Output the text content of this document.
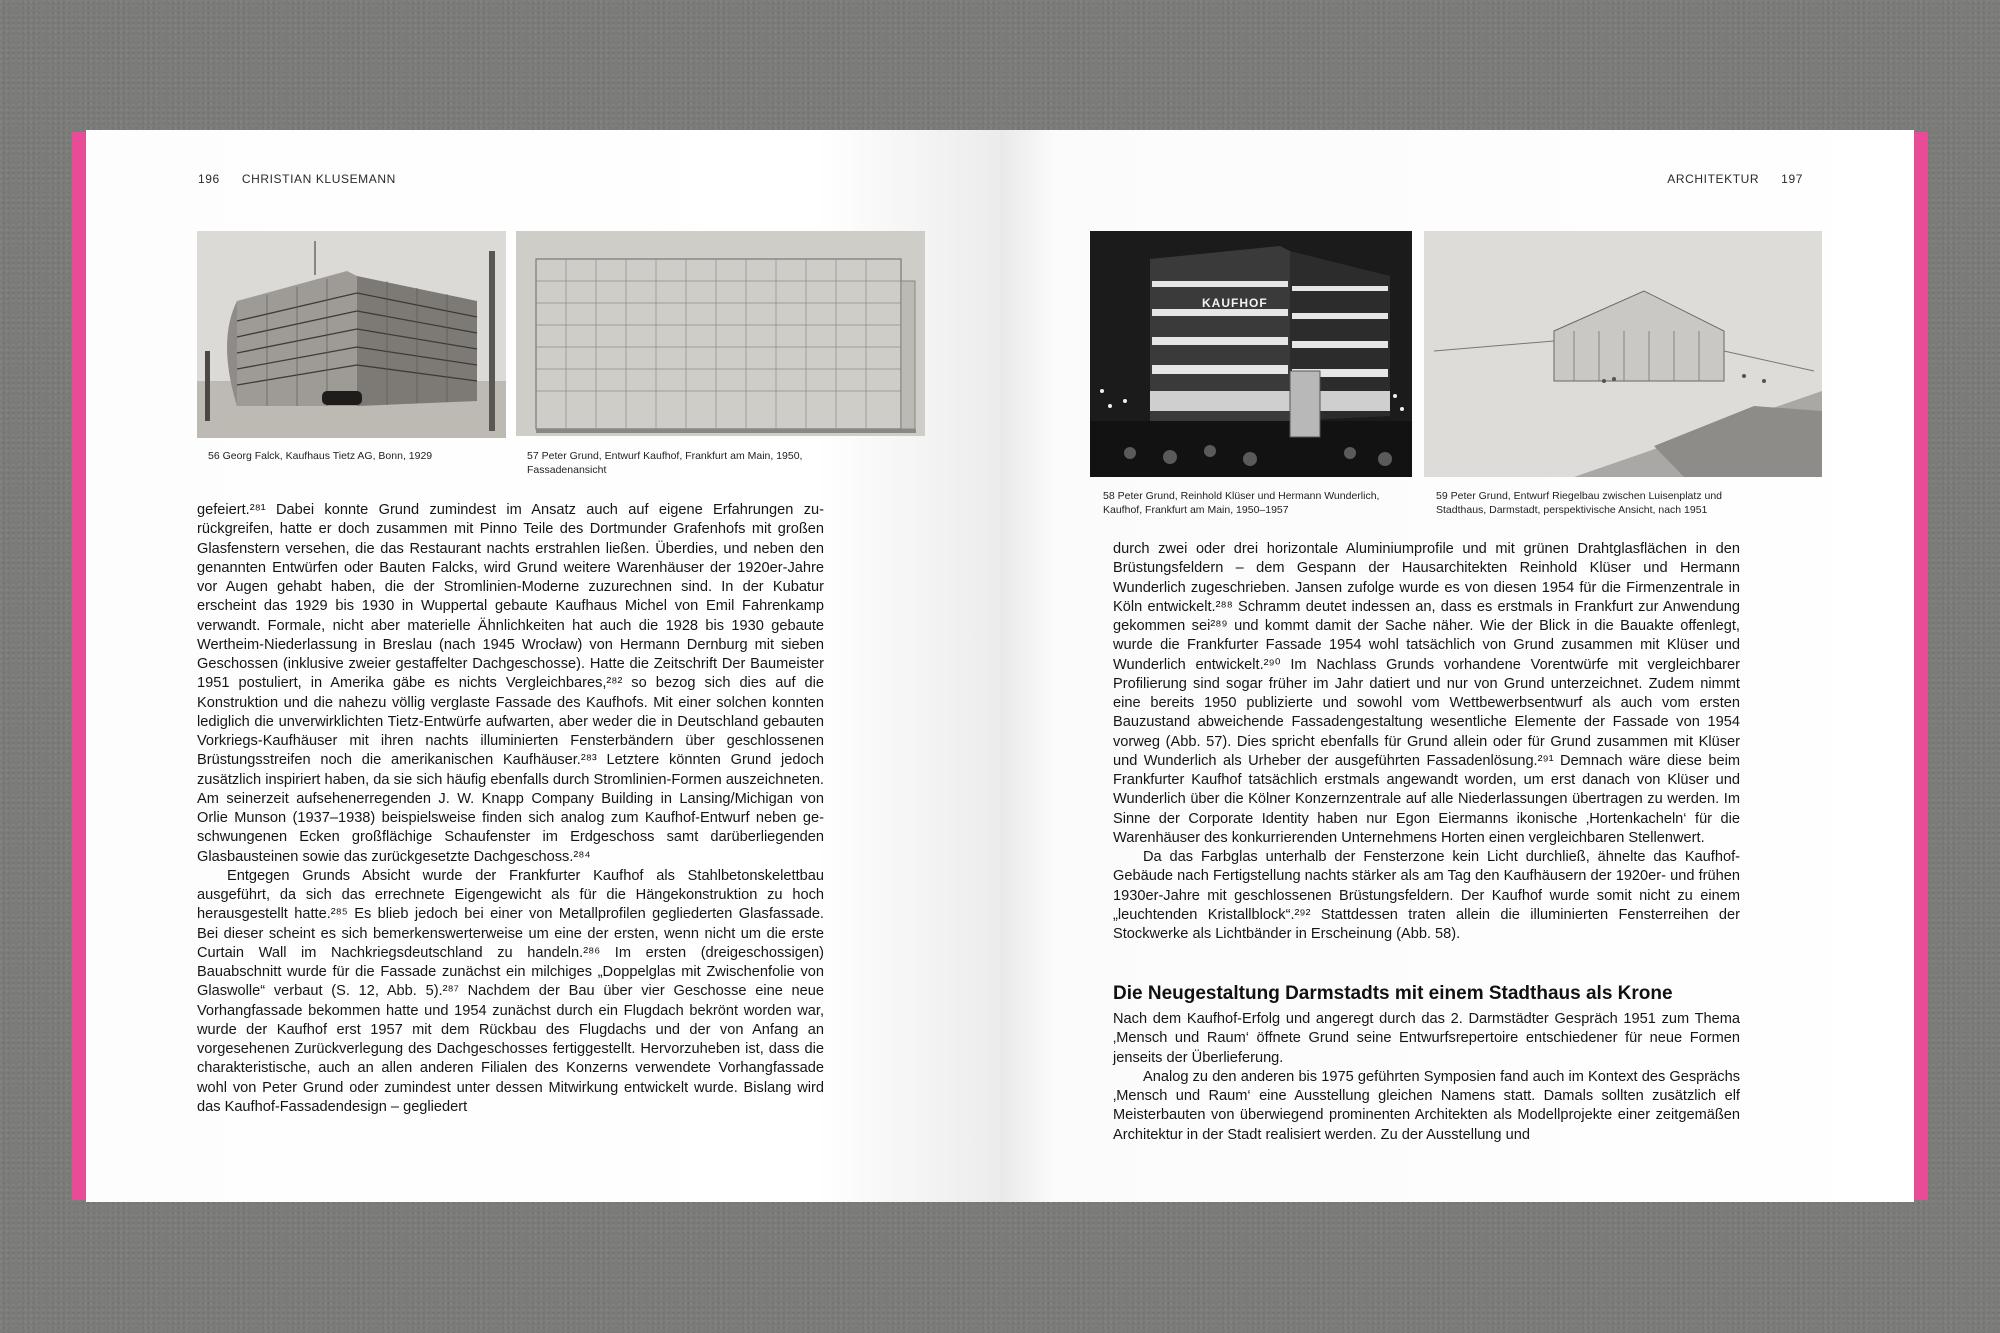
196 CHRISTIAN KLUSEMANN
56 Georg Falck, Kaufhaus Tietz AG, Bonn, 1929	57 Peter Grund, Entwurf Kaufhof, Frankfurt am Main, 1950, Fassadenansicht

gefeiert.²⁸¹ Dabei konnte Grund zumindest im Ansatz auch auf eigene Erfahrungen zurückgreifen, hatte er doch zusammen mit Pinno Teile des Dortmunder Grafenhofs mit großen Glasfenstern versehen, die das Restaurant nachts erstrahlen ließen. Überdies, und neben den genannten Entwürfen oder Bauten Falcks, wird Grund weitere Warenhäuser der 1920er-Jahre vor Augen gehabt haben, die der Stromlinien-Moderne zuzurechnen sind. In der Kubatur erscheint das 1929 bis 1930 in Wuppertal gebaute Kaufhaus Michel von Emil Fahrenkamp verwandt. Formale, nicht aber materielle Ähnlichkeiten hat auch die 1928 bis 1930 gebaute Wertheim-Niederlassung in Breslau (nach 1945 Wrocław) von Hermann Dernburg mit sieben Geschossen (inklusive zweier gestaffelter Dachgeschosse). Hatte die Zeitschrift Der Baumeister 1951 postuliert, in Amerika gäbe es nichts Vergleichbares,²⁸² so bezog sich dies auf die Konstruktion und die nahezu völlig verglaste Fassade des Kaufhofs. Mit einer solchen konnten lediglich die unverwirklichten Tietz-Entwürfe aufwarten, aber weder die in Deutschland gebauten Vorkriegs-Kaufhäuser mit ihren nachts illuminierten Fensterbändern über geschlossenen Brüstungsstreifen noch die amerikanischen Kaufhäuser.²⁸³ Letztere könnten Grund jedoch zusätzlich inspiriert haben, da sie sich häufig ebenfalls durch Stromlinien-Formen auszeichneten. Am seinerzeit aufsehenerregenden J. W. Knapp Company Building in Lansing/Michigan von Orlie Munson (1937–1938) beispielsweise finden sich analog zum Kaufhof-Entwurf neben geschwungenen Ecken großflächige Schaufenster im Erdgeschoss samt darüberliegenden Glasbausteinen sowie das zurückgesetzte Dachgeschoss.²⁸⁴

Entgegen Grunds Absicht wurde der Frankfurter Kaufhof als Stahlbetonskelettbau ausgeführt, da sich das errechnete Eigengewicht als für die Hängekonstruktion zu hoch herausgestellt hatte.²⁸⁵ Es blieb jedoch bei einer von Metallprofilen gegliederten Glasfassade. Bei dieser scheint es sich bemerkenswerterweise um eine der ersten, wenn nicht um die erste Curtain Wall im Nachkriegsdeutschland zu handeln.²⁸⁶ Im ersten (dreigeschossigen) Bauabschnitt wurde für die Fassade zunächst ein milchiges „Doppelglas mit Zwischenfolie von Glaswolle“ verbaut (S. 12, Abb. 5).²⁸⁷ Nachdem der Bau über vier Geschosse eine neue Vorhangfassade bekommen hatte und 1954 zunächst durch ein Flugdach bekrönt worden war, wurde der Kaufhof erst 1957 mit dem Rückbau des Flugdachs und der von Anfang an vorgesehenen Zurückverlegung des Dachgeschosses fertiggestellt. Hervorzuheben ist, dass die charakteristische, auch an allen anderen Filialen des Konzerns verwendete Vorhangfassade wohl von Peter Grund oder zumindest unter dessen Mitwirkung entwickelt wurde. Bislang wird das Kaufhof-Fassadendesign – gegliedert

ARCHITEKTUR 197
KAUFHOF
58 Peter Grund, Reinhold Klüser und Hermann Wunderlich, Kaufhof, Frankfurt am Main, 1950–1957
59 Peter Grund, Entwurf Riegelbau zwischen Luisenplatz und Stadthaus, Darmstadt, perspektivische Ansicht, nach 1951

durch zwei oder drei horizontale Aluminiumprofile und mit grünen Drahtglasflächen in den Brüstungsfeldern – dem Gespann der Hausarchitekten Reinhold Klüser und Hermann Wunderlich zugeschrieben. Jansen zufolge wurde es von diesen 1954 für die Firmenzentrale in Köln entwickelt.²⁸⁸ Schramm deutet indessen an, dass es erstmals in Frankfurt zur Anwendung gekommen sei²⁸⁹ und kommt damit der Sache näher. Wie der Blick in die Bauakte offenlegt, wurde die Frankfurter Fassade 1954 wohl tatsächlich von Grund zusammen mit Klüser und Wunderlich entwickelt.²⁹⁰ Im Nachlass Grunds vorhandene Vorentwürfe mit vergleichbarer Profilierung sind sogar früher im Jahr datiert und nur von Grund unterzeichnet. Zudem nimmt eine bereits 1950 publizierte und sowohl vom Wettbewerbsentwurf als auch vom ersten Bauzustand abweichende Fassadengestaltung wesentliche Elemente der Fassade von 1954 vorweg (Abb. 57). Dies spricht ebenfalls für Grund allein oder für Grund zusammen mit Klüser und Wunderlich als Urheber der ausgeführten Fassadenlösung.²⁹¹ Demnach wäre diese beim Frankfurter Kaufhof tatsächlich erstmals angewandt worden, um erst danach von Klüser und Wunderlich über die Kölner Konzernzentrale auf alle Niederlassungen übertragen zu werden. Im Sinne der Corporate Identity haben nur Egon Eiermanns ikonische ‚Hortenkacheln‘ für die Warenhäuser des konkurrierenden Unternehmens Horten einen vergleichbaren Stellenwert.

Da das Farbglas unterhalb der Fensterzone kein Licht durchließ, ähnelte das Kaufhof-Gebäude nach Fertigstellung nachts stärker als am Tag den Kaufhäusern der 1920er- und frühen 1930er-Jahre mit geschlossenen Brüstungsfeldern. Der Kaufhof wurde somit nicht zu einem „leuchtenden Kristallblock“.²⁹² Stattdessen traten allein die illuminierten Fensterreihen der Stockwerke als Lichtbänder in Erscheinung (Abb. 58).

Die Neugestaltung Darmstadts mit einem Stadthaus als Krone

Nach dem Kaufhof-Erfolg und angeregt durch das 2. Darmstädter Gespräch 1951 zum Thema ‚Mensch und Raum‘ öffnete Grund seine Entwurfsrepertoire entschiedener für neue Formen jenseits der Überlieferung.

Analog zu den anderen bis 1975 geführten Symposien fand auch im Kontext des Gesprächs ‚Mensch und Raum‘ eine Ausstellung gleichen Namens statt. Damals sollten zusätzlich elf Meisterbauten von überwiegend prominenten Architekten als Modellprojekte einer zeitgemäßen Architektur in der Stadt realisiert werden. Zu der Ausstellung und
